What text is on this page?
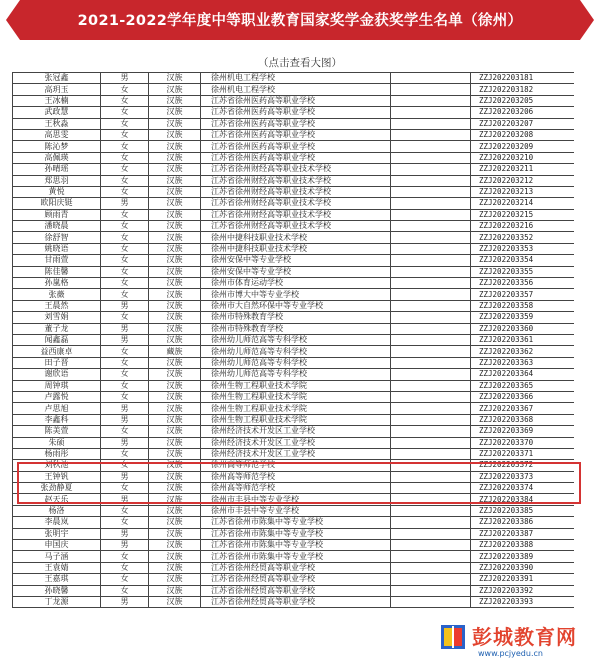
2021-2022学年度中等职业教育国家奖学金获奖学生名单（徐州）
（点击查看大图）
张冠鑫	男	汉族	徐州机电工程学校		ZZJ202203181
高玥玉	女	汉族	徐州机电工程学校		ZZJ202203182
王冰楠	女	汉族	江苏省徐州医药高等职业学校		ZZJ202203205
武政慧	女	汉族	江苏省徐州医药高等职业学校		ZZJ202203206
王秋淼	女	汉族	江苏省徐州医药高等职业学校		ZZJ202203207
高思雯	女	汉族	江苏省徐州医药高等职业学校		ZZJ202203208
陈沁梦	女	汉族	江苏省徐州医药高等职业学校		ZZJ202203209
高佩瑛	女	汉族	江苏省徐州医药高等职业学校		ZZJ202203210
孙晴瑶	女	汉族	江苏省徐州财经高等职业技术学校		ZZJ202203211
郑思羽	女	汉族	江苏省徐州财经高等职业技术学校		ZZJ202203212
黄悦	女	汉族	江苏省徐州财经高等职业技术学校		ZZJ202203213
欧阳庆铤	男	汉族	江苏省徐州财经高等职业技术学校		ZZJ202203214
顾雨青	女	汉族	江苏省徐州财经高等职业技术学校		ZZJ202203215
潘晓晨	女	汉族	江苏省徐州财经高等职业技术学校		ZZJ202203216
徐舒智	女	汉族	徐州中捷科技职业技术学校		ZZJ202203352
姚晓语	女	汉族	徐州中捷科技职业技术学校		ZZJ202203353
甘雨萱	女	汉族	徐州安保中等专业学校		ZZJ202203354
陈佳馨	女	汉族	徐州安保中等专业学校		ZZJ202203355
孙嵐格	女	汉族	徐州市体育运动学校		ZZJ202203356
张薇	女	汉族	徐州市博大中等专业学校		ZZJ202203357
王晨然	男	汉族	徐州市大自然环保中等专业学校		ZZJ202203358
刘雪娟	女	汉族	徐州市特殊教育学校		ZZJ202203359
董子龙	男	汉族	徐州市特殊教育学校		ZZJ202203360
闻鑫磊	男	汉族	徐州幼儿师范高等专科学校		ZZJ202203361
益西康卓	女	藏族	徐州幼儿师范高等专科学校		ZZJ202203362
田子晋	女	汉族	徐州幼儿师范高等专科学校		ZZJ202203363
谢欣语	女	汉族	徐州幼儿师范高等专科学校		ZZJ202203364
周钟琪	女	汉族	徐州生物工程职业技术学院		ZZJ202203365
卢露悦	女	汉族	徐州生物工程职业技术学院		ZZJ202203366
卢思旭	男	汉族	徐州生物工程职业技术学院		ZZJ202203367
李鑫科	男	汉族	徐州生物工程职业技术学院		ZZJ202203368
陈美萱	女	汉族	徐州经济技术开发区工业学校		ZZJ202203369
朱硕	男	汉族	徐州经济技术开发区工业学校		ZZJ202203370
杨雨彤	女	汉族	徐州经济技术开发区工业学校		ZZJ202203371
刘秋池	女	汉族	徐州高等师范学校		ZZJ202203372
王钟钒	男	汉族	徐州高等师范学校		ZZJ202203373
张劲静夏	女	汉族	徐州高等师范学校		ZZJ202203374
赵天乐	男	汉族	徐州市丰县中等专业学校		ZZJ202203384
杨洛	女	汉族	徐州市丰县中等专业学校		ZZJ202203385
李晨岚	女	汉族	江苏省徐州市陈集中等专业学校		ZZJ202203386
张明宇	男	汉族	江苏省徐州市陈集中等专业学校		ZZJ202203387
申国庆	男	汉族	江苏省徐州市陈集中等专业学校		ZZJ202203388
马子涵	女	汉族	江苏省徐州市陈集中等专业学校		ZZJ202203389
王袁婧	女	汉族	江苏省徐州经贸高等职业学校		ZZJ202203390
王嘉琪	女	汉族	江苏省徐州经贸高等职业学校		ZZJ202203391
孙晓馨	女	汉族	江苏省徐州经贸高等职业学校		ZZJ202203392
丁龙源	男	汉族	江苏省徐州经贸高等职业学校		ZZJ202203393
彭城教育网
www.pcjyedu.cn
